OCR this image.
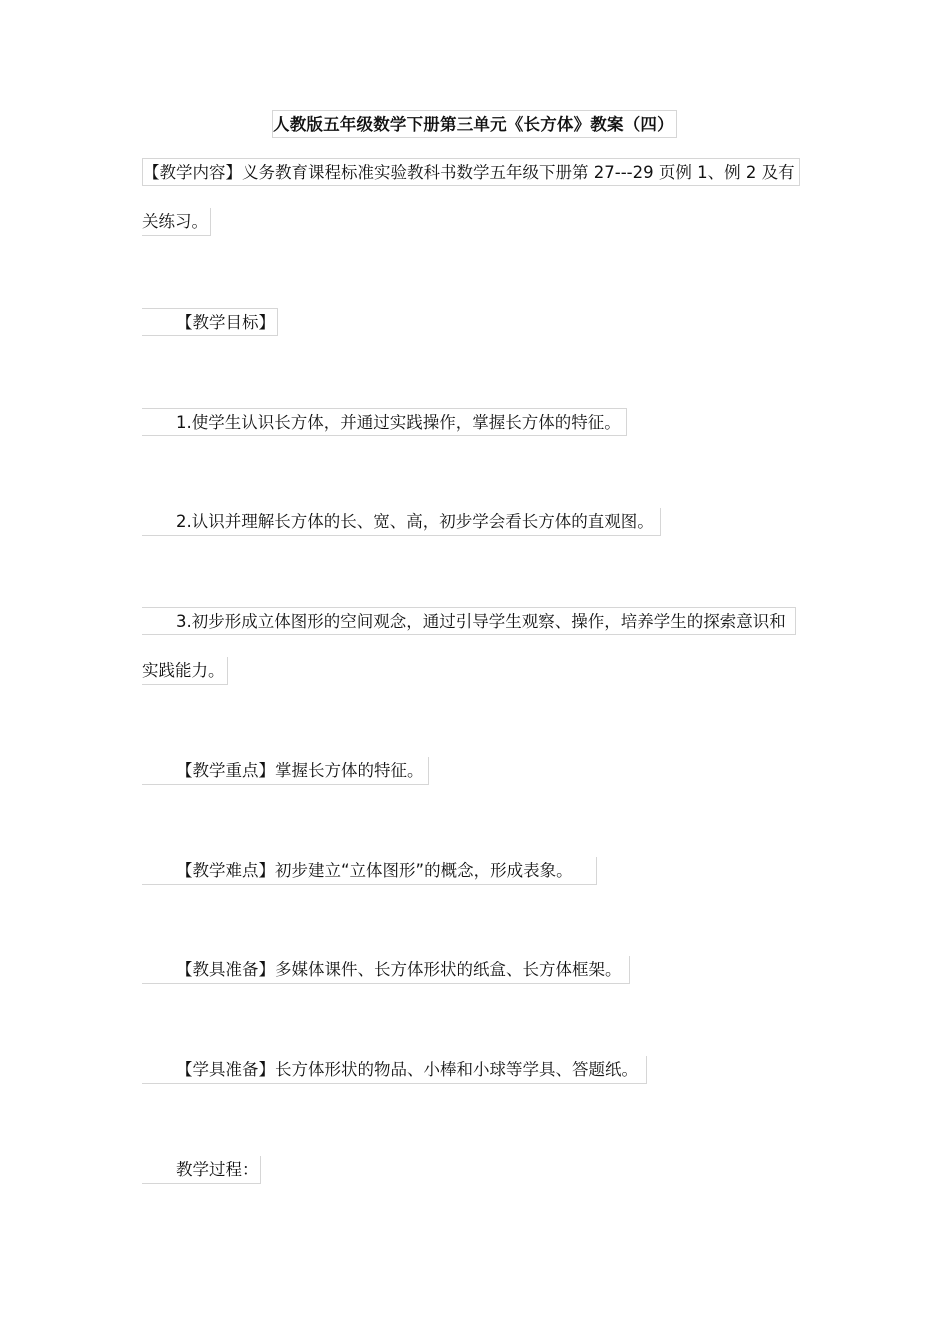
人教版五年级数学下册第三单元《长方体》教案（四）
【教学内容】义务教育课程标准实验教科书数学五年级下册第 27---29 页例 1、例 2 及有
关练习。
【教学目标】
1.使学生认识长方体，并通过实践操作，掌握长方体的特征。
2.认识并理解长方体的长、宽、高，初步学会看长方体的直观图。
3.初步形成立体图形的空间观念，通过引导学生观察、操作，培养学生的探索意识和
实践能力。
【教学重点】掌握长方体的特征。
【教学难点】初步建立“立体图形”的概念，形成表象。
【教具准备】多媒体课件、长方体形状的纸盒、长方体框架。
【学具准备】长方体形状的物品、小棒和小球等学具、答题纸。
教学过程：
